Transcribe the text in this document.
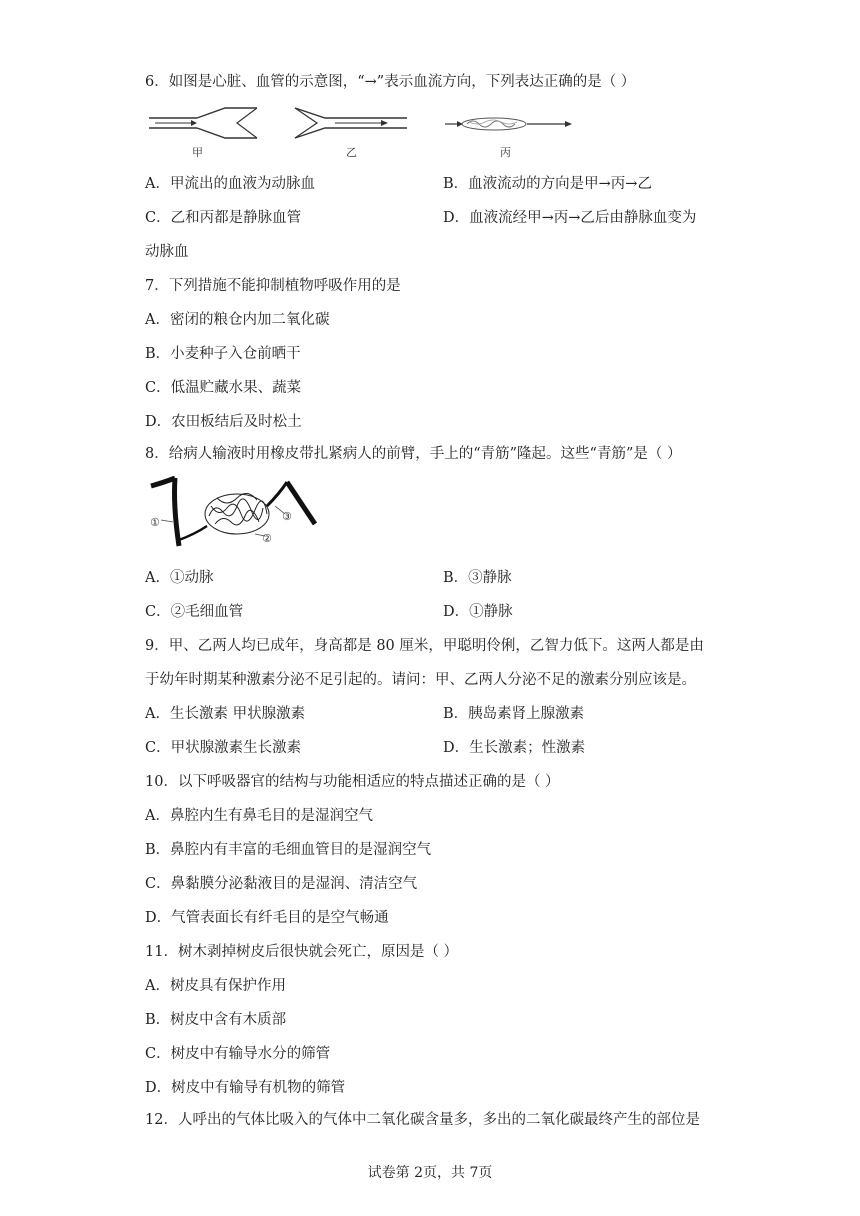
6．如图是心脏、血管的示意图，“→”表示血流方向，下列表达正确的是（ ）
甲	乙	丙
A．甲流出的血液为动脉血	B．血液流动的方向是甲→丙→乙
C．乙和丙都是静脉血管	D．血液流经甲→丙→乙后由静脉血变为
动脉血
7．下列措施不能抑制植物呼吸作用的是
A．密闭的粮仓内加二氧化碳
B．小麦种子入仓前晒干
C．低温贮藏水果、蔬菜
D．农田板结后及时松土
8．给病人输液时用橡皮带扎紧病人的前臂，手上的“青筋”隆起。这些“青筋”是（ ）
①
②
③
A．①动脉	B．③静脉
C．②毛细血管	D．①静脉
9．甲、乙两人均已成年，身高都是 80 厘米，甲聪明伶俐，乙智力低下。这两人都是由
于幼年时期某种激素分泌不足引起的。请问：甲、乙两人分泌不足的激素分别应该是。
A．生长激素 甲状腺激素	B．胰岛素肾上腺激素
C．甲状腺激素生长激素	D．生长激素；性激素
10．以下呼吸器官的结构与功能相适应的特点描述正确的是（ ）
A．鼻腔内生有鼻毛目的是湿润空气
B．鼻腔内有丰富的毛细血管目的是湿润空气
C．鼻黏膜分泌黏液目的是湿润、清洁空气
D．气管表面长有纤毛目的是空气畅通
11．树木剥掉树皮后很快就会死亡，原因是（ ）
A．树皮具有保护作用
B．树皮中含有木质部
C．树皮中有输导水分的筛管
D．树皮中有输导有机物的筛管
12．人呼出的气体比吸入的气体中二氧化碳含量多，多出的二氧化碳最终产生的部位是
试卷第 2页，共 7页
